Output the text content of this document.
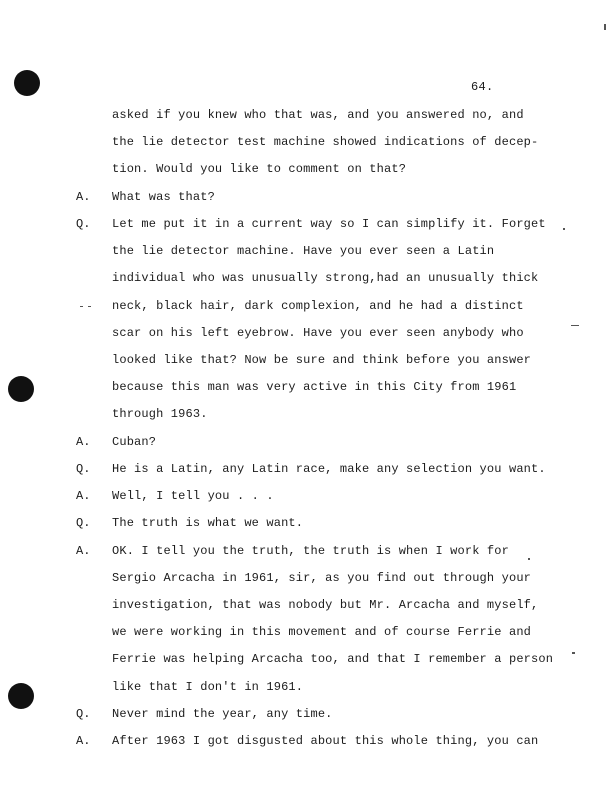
64.
A.
Q.
A.
Q.
A.
Q.
A.
Q.
A.
asked if you knew who that was, and you answered no, and
the lie detector test machine showed indications of decep-
tion. Would you like to comment on that?
What was that?
Let me put it in a current way so I can simplify it. Forget
the lie detector machine. Have you ever seen a Latin
individual who was unusually strong,had an unusually thick
neck, black hair, dark complexion, and he had a distinct
scar on his left eyebrow. Have you ever seen anybody who
looked like that? Now be sure and think before you answer
because this man was very active in this City from 1961
through 1963.
Cuban?
He is a Latin, any Latin race, make any selection you want.
Well, I tell you . . .
The truth is what we want.
OK. I tell you the truth, the truth is when I work for
Sergio Arcacha in 1961, sir, as you find out through your
investigation, that was nobody but Mr. Arcacha and myself,
we were working in this movement and of course Ferrie and
Ferrie was helping Arcacha too, and that I remember a person
like that I don't in 1961.
Never mind the year, any time.
After 1963 I got disgusted about this whole thing, you can
